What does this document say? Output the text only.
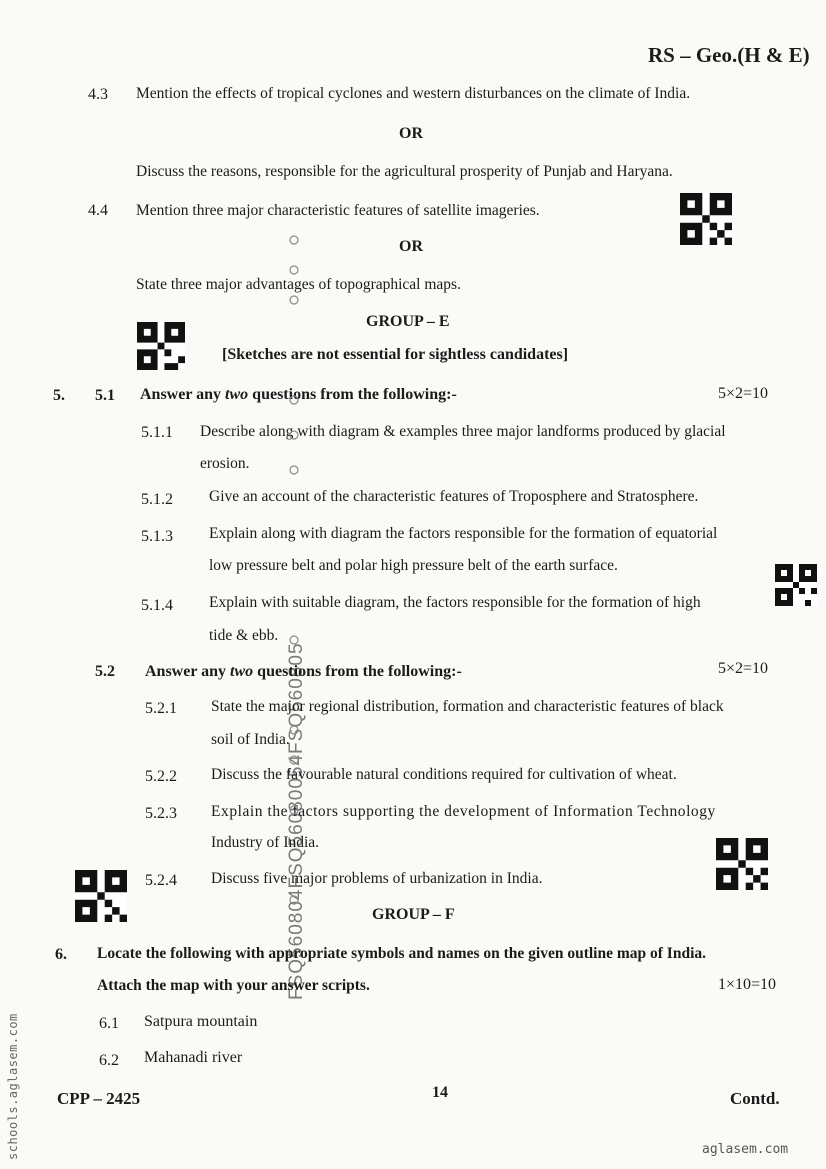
schools.aglasem.com
FSQ560804FSQ56080054FSQ560805
RS – Geo.(H & E)
4.3 Mention the effects of tropical cyclones and western disturbances on the climate of India.
OR
Discuss the reasons, responsible for the agricultural prosperity of Punjab and Haryana.
4.4 Mention three major characteristic features of satellite imageries.
OR
State three major advantages of topographical maps.
GROUP – E
[Sketches are not essential for sightless candidates]
5. 5.1 Answer any two questions from the following:-	5×2=10
5.1.1 Describe along with diagram & examples three major landforms produced by glacial
erosion.
5.1.2 Give an account of the characteristic features of Troposphere and Stratosphere.
5.1.3 Explain along with diagram the factors responsible for the formation of equatorial
low pressure belt and polar high pressure belt of the earth surface.
5.1.4 Explain with suitable diagram, the factors responsible for the formation of high
tide & ebb.
5.2 Answer any two questions from the following:-	5×2=10
5.2.1 State the major regional distribution, formation and characteristic features of black
soil of India.
5.2.2 Discuss the favourable natural conditions required for cultivation of wheat.
5.2.3 Explain the factors supporting the development of Information Technology
Industry of India.
5.2.4 Discuss five major problems of urbanization in India.
GROUP – F
6. Locate the following with appropriate symbols and names on the given outline map of India.
Attach the map with your answer scripts.	1×10=10
6.1 Satpura mountain
6.2 Mahanadi river
CPP – 2425	14	Contd.
aglasem.com
